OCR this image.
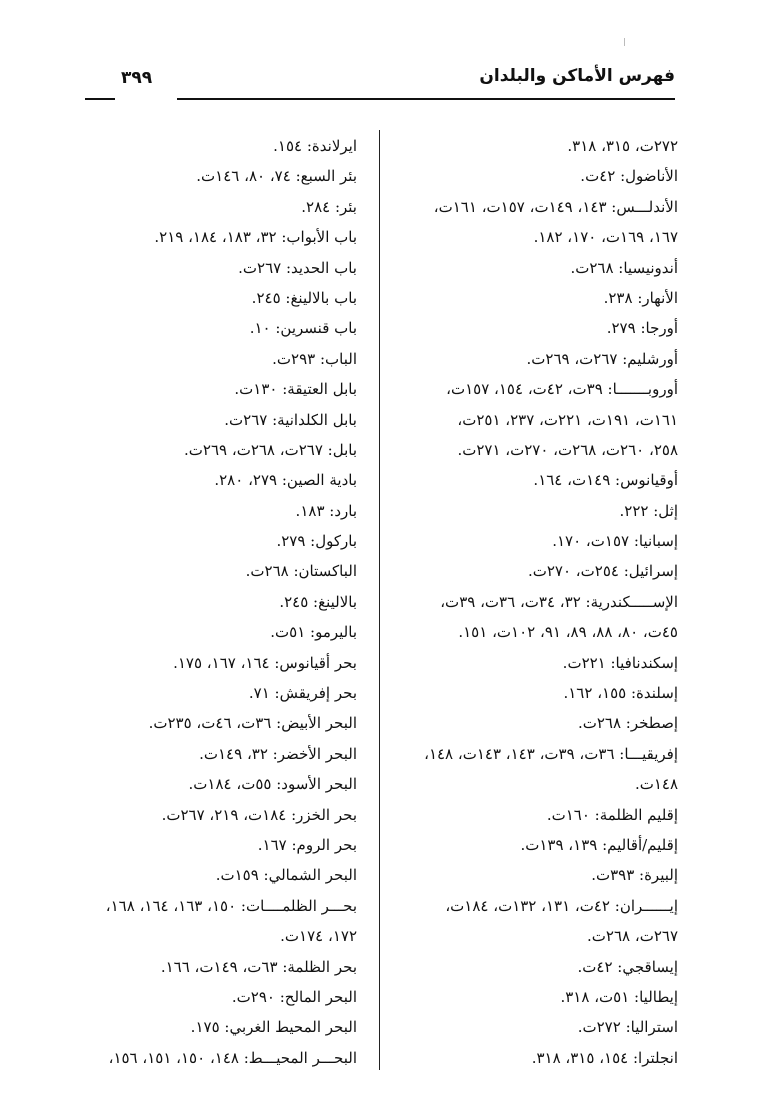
فهرس الأماكن والبلدان
٣٩٩
٢٧٢ت، ٣١٥، ٣١٨.
الأناضول: ٤٢ت.
الأندلـــس: ١٤٣، ١٤٩ت، ١٥٧ت، ١٦١ت،
١٦٧، ١٦٩ت، ١٧٠، ١٨٢.
أندونيسيا: ٢٦٨ت.
الأنهار: ٢٣٨.
أورجا: ٢٧٩.
أورشليم: ٢٦٧ت، ٢٦٩ت.
أوروبـــــــا: ٣٩ت، ٤٢ت، ١٥٤، ١٥٧ت،
١٦١ت، ١٩١ت، ٢٢١ت، ٢٣٧، ٢٥١ت،
٢٥٨، ٢٦٠ت، ٢٦٨ت، ٢٧٠ت، ٢٧١ت.
أوقيانوس: ١٤٩ت، ١٦٤.
إثل: ٢٢٢.
إسبانيا: ١٥٧ت، ١٧٠.
إسرائيل: ٢٥٤ت، ٢٧٠ت.
الإســـــكندرية: ٣٢، ٣٤ت، ٣٦ت، ٣٩ت،
٤٥ت، ٨٠، ٨٨، ٨٩، ٩١، ١٠٢ت، ١٥١.
إسكندنافيا: ٢٢١ت.
إسلندة: ١٥٥، ١٦٢.
إصطخر: ٢٦٨ت.
إفريقيـــا: ٣٦ت، ٣٩ت، ١٤٣، ١٤٣ت، ١٤٨،
١٤٨ت.
إقليم الظلمة: ١٦٠ت.
إقليم/أقاليم: ١٣٩، ١٣٩ت.
إلبيرة: ٣٩٣ت.
إيــــــران: ٤٢ت، ١٣١، ١٣٢ت، ١٨٤ت،
٢٦٧ت، ٢٦٨ت.
إيساقجي: ٤٢ت.
إيطاليا: ٥١ت، ٣١٨.
استراليا: ٢٧٢ت.
انجلترا: ١٥٤، ٣١٥، ٣١٨.
ايرلاندة: ١٥٤.
بئر السبع: ٧٤، ٨٠، ١٤٦ت.
بئر: ٢٨٤.
باب الأبواب: ٣٢، ١٨٣، ١٨٤، ٢١٩.
باب الحديد: ٢٦٧ت.
باب بالالينغ: ٢٤٥.
باب قنسرين: ١٠.
الباب: ٢٩٣ت.
بابل العتيقة: ١٣٠ت.
بابل الكلدانية: ٢٦٧ت.
بابل: ٢٦٧ت، ٢٦٨ت، ٢٦٩ت.
بادية الصين: ٢٧٩، ٢٨٠.
بارد: ١٨٣.
باركول: ٢٧٩.
الباكستان: ٢٦٨ت.
بالالينغ: ٢٤٥.
باليرمو: ٥١ت.
بحر أقيانوس: ١٦٤، ١٦٧، ١٧٥.
بحر إفريقش: ٧١.
البحر الأبيض: ٣٦ت، ٤٦ت، ٢٣٥ت.
البحر الأخضر: ٣٢، ١٤٩ت.
البحر الأسود: ٥٥ت، ١٨٤ت.
بحر الخزر: ١٨٤ت، ٢١٩، ٢٦٧ت.
بحر الروم: ١٦٧.
البحر الشمالي: ١٥٩ت.
بحـــر الظلمــــات: ١٥٠، ١٦٣، ١٦٤، ١٦٨،
١٧٢، ١٧٤ت.
بحر الظلمة: ٦٣ت، ١٤٩ت، ١٦٦.
البحر المالح: ٢٩٠ت.
البحر المحيط الغربي: ١٧٥.
البحـــر المحيـــط: ١٤٨، ١٥٠، ١٥١، ١٥٦،
